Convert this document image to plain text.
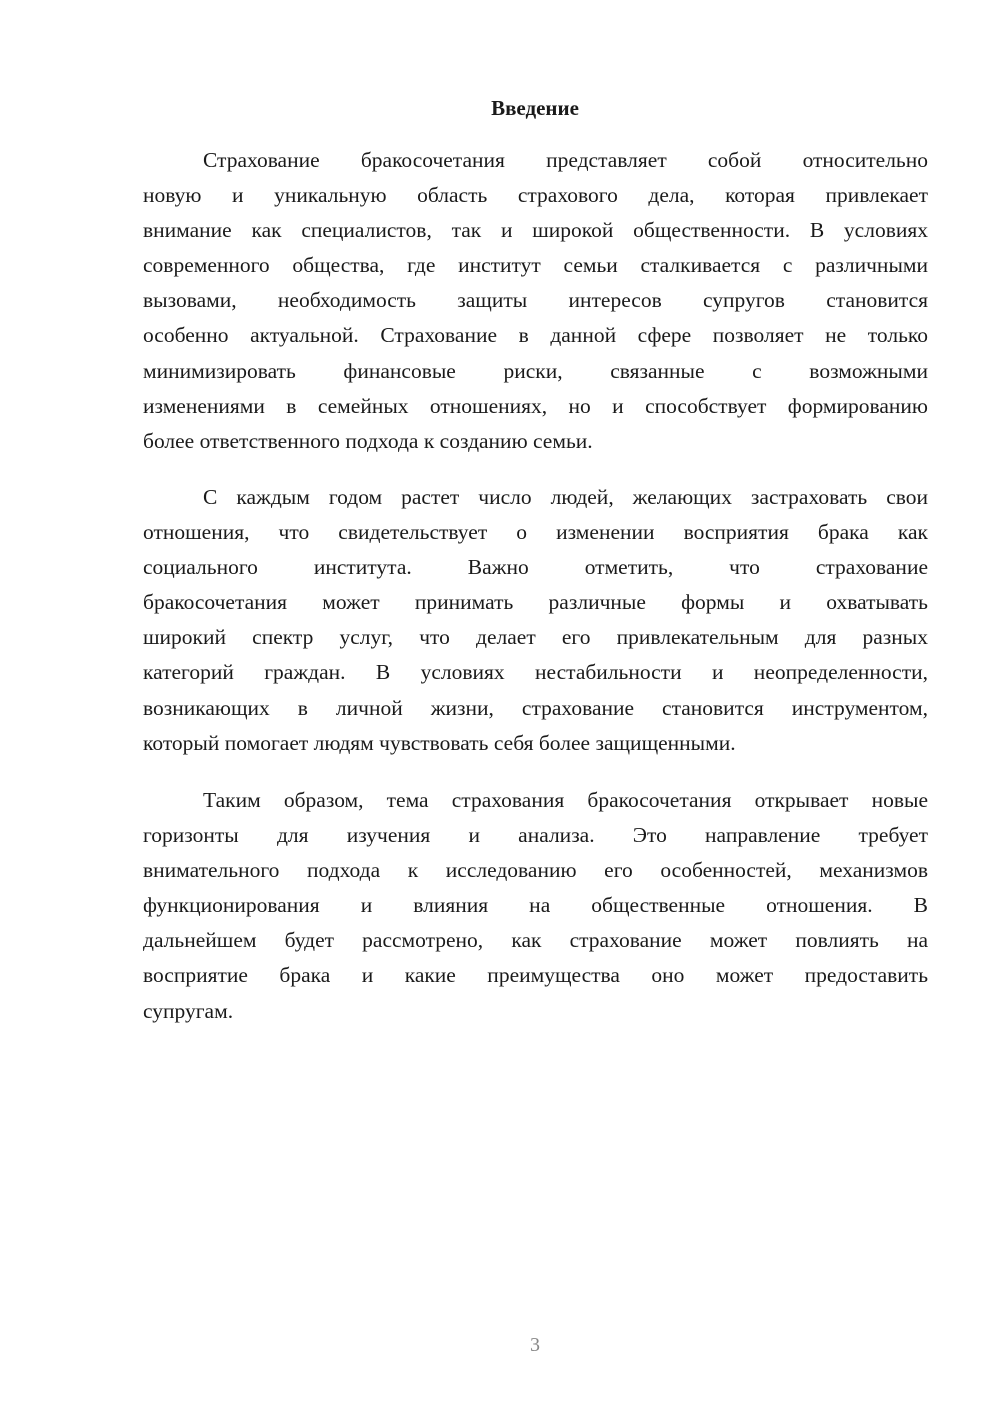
Введение
Страхование бракосочетания представляет собой относительно
новую и уникальную область страхового дела, которая привлекает
внимание как специалистов, так и широкой общественности. В условиях
современного общества, где институт семьи сталкивается с различными
вызовами, необходимость защиты интересов супругов становится
особенно актуальной. Страхование в данной сфере позволяет не только
минимизировать финансовые риски, связанные с возможными
изменениями в семейных отношениях, но и способствует формированию
более ответственного подхода к созданию семьи.
С каждым годом растет число людей, желающих застраховать свои
отношения, что свидетельствует о изменении восприятия брака как
социального института. Важно отметить, что страхование
бракосочетания может принимать различные формы и охватывать
широкий спектр услуг, что делает его привлекательным для разных
категорий граждан. В условиях нестабильности и неопределенности,
возникающих в личной жизни, страхование становится инструментом,
который помогает людям чувствовать себя более защищенными.
Таким образом, тема страхования бракосочетания открывает новые
горизонты для изучения и анализа. Это направление требует
внимательного подхода к исследованию его особенностей, механизмов
функционирования и влияния на общественные отношения. В
дальнейшем будет рассмотрено, как страхование может повлиять на
восприятие брака и какие преимущества оно может предоставить
супругам.
3
